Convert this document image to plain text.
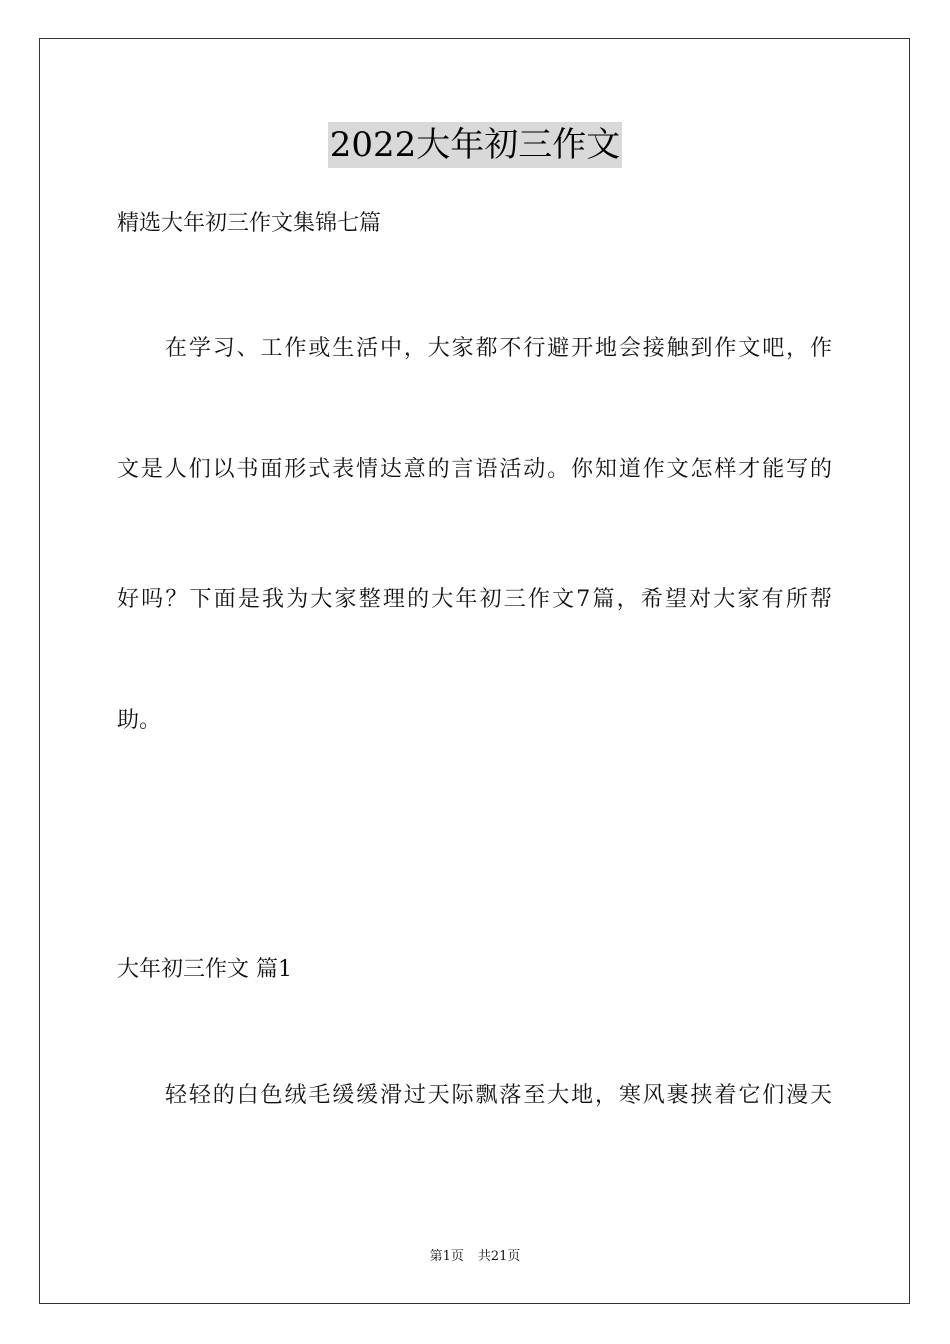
2022大年初三作文
精选大年初三作文集锦七篇
在学习、工作或生活中，大家都不行避开地会接触到作文吧，作
文是人们以书面形式表情达意的言语活动。你知道作文怎样才能写的
好吗？下面是我为大家整理的大年初三作文7篇，希望对大家有所帮
助。
大年初三作文 篇1
轻轻的白色绒毛缓缓滑过天际飘落至大地，寒风裹挟着它们漫天
第1页 共21页
